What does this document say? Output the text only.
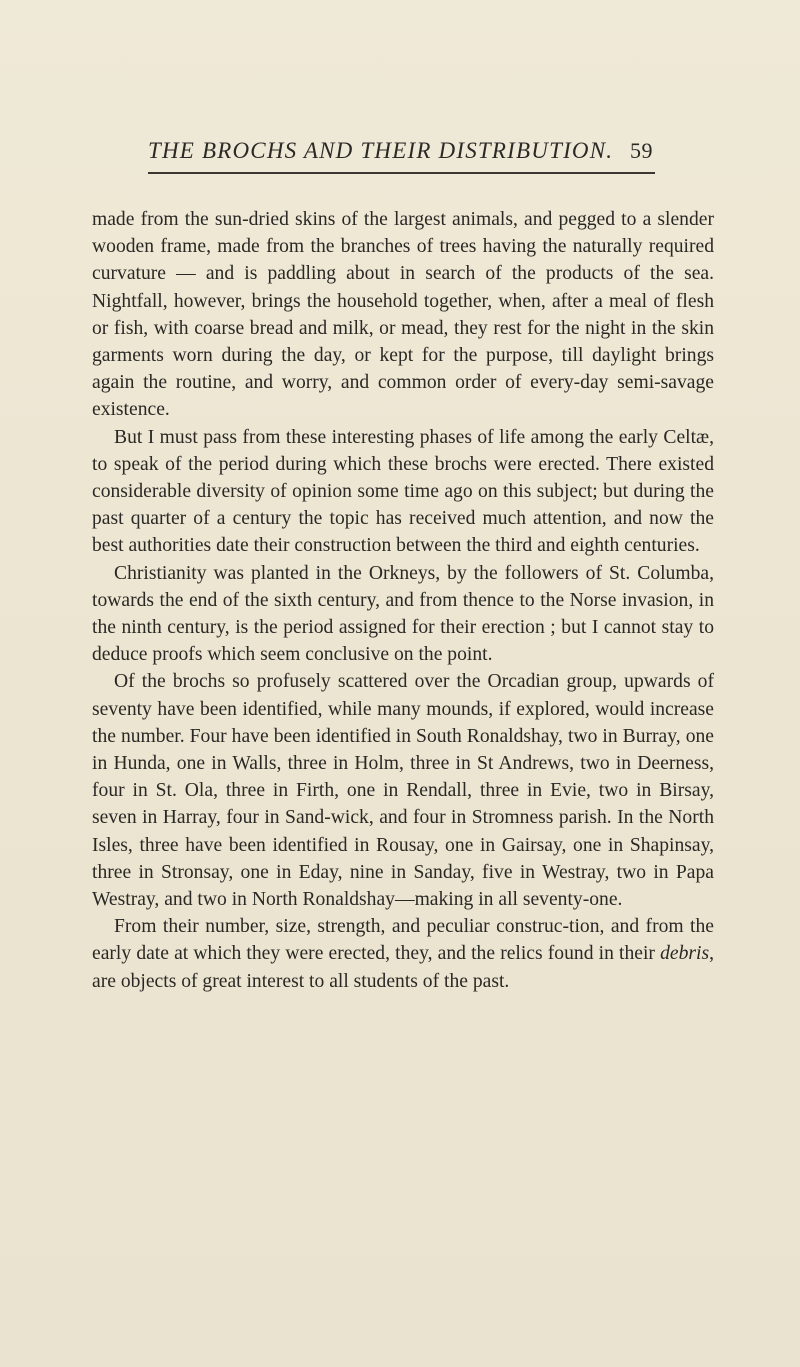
THE BROCHS AND THEIR DISTRIBUTION. 59

made from the sun-dried skins of the largest animals, and pegged to a slender wooden frame, made from the branches of trees having the naturally required curvature — and is paddling about in search of the products of the sea. Nightfall, however, brings the household together, when, after a meal of flesh or fish, with coarse bread and milk, or mead, they rest for the night in the skin garments worn during the day, or kept for the purpose, till daylight brings again the routine, and worry, and common order of every-day semi-savage existence.

But I must pass from these interesting phases of life among the early Celtæ, to speak of the period during which these brochs were erected. There existed considerable diversity of opinion some time ago on this subject; but during the past quarter of a century the topic has received much attention, and now the best authorities date their construction between the third and eighth centuries.

Christianity was planted in the Orkneys, by the followers of St. Columba, towards the end of the sixth century, and from thence to the Norse invasion, in the ninth century, is the period assigned for their erection ; but I cannot stay to deduce proofs which seem conclusive on the point.

Of the brochs so profusely scattered over the Orcadian group, upwards of seventy have been identified, while many mounds, if explored, would increase the number. Four have been identified in South Ronaldshay, two in Burray, one in Hunda, one in Walls, three in Holm, three in St Andrews, two in Deerness, four in St. Ola, three in Firth, one in Rendall, three in Evie, two in Birsay, seven in Harray, four in Sand-wick, and four in Stromness parish. In the North Isles, three have been identified in Rousay, one in Gairsay, one in Shapinsay, three in Stronsay, one in Eday, nine in Sanday, five in Westray, two in Papa Westray, and two in North Ronaldshay—making in all seventy-one.

From their number, size, strength, and peculiar construc-tion, and from the early date at which they were erected, they, and the relics found in their debris, are objects of great interest to all students of the past.
